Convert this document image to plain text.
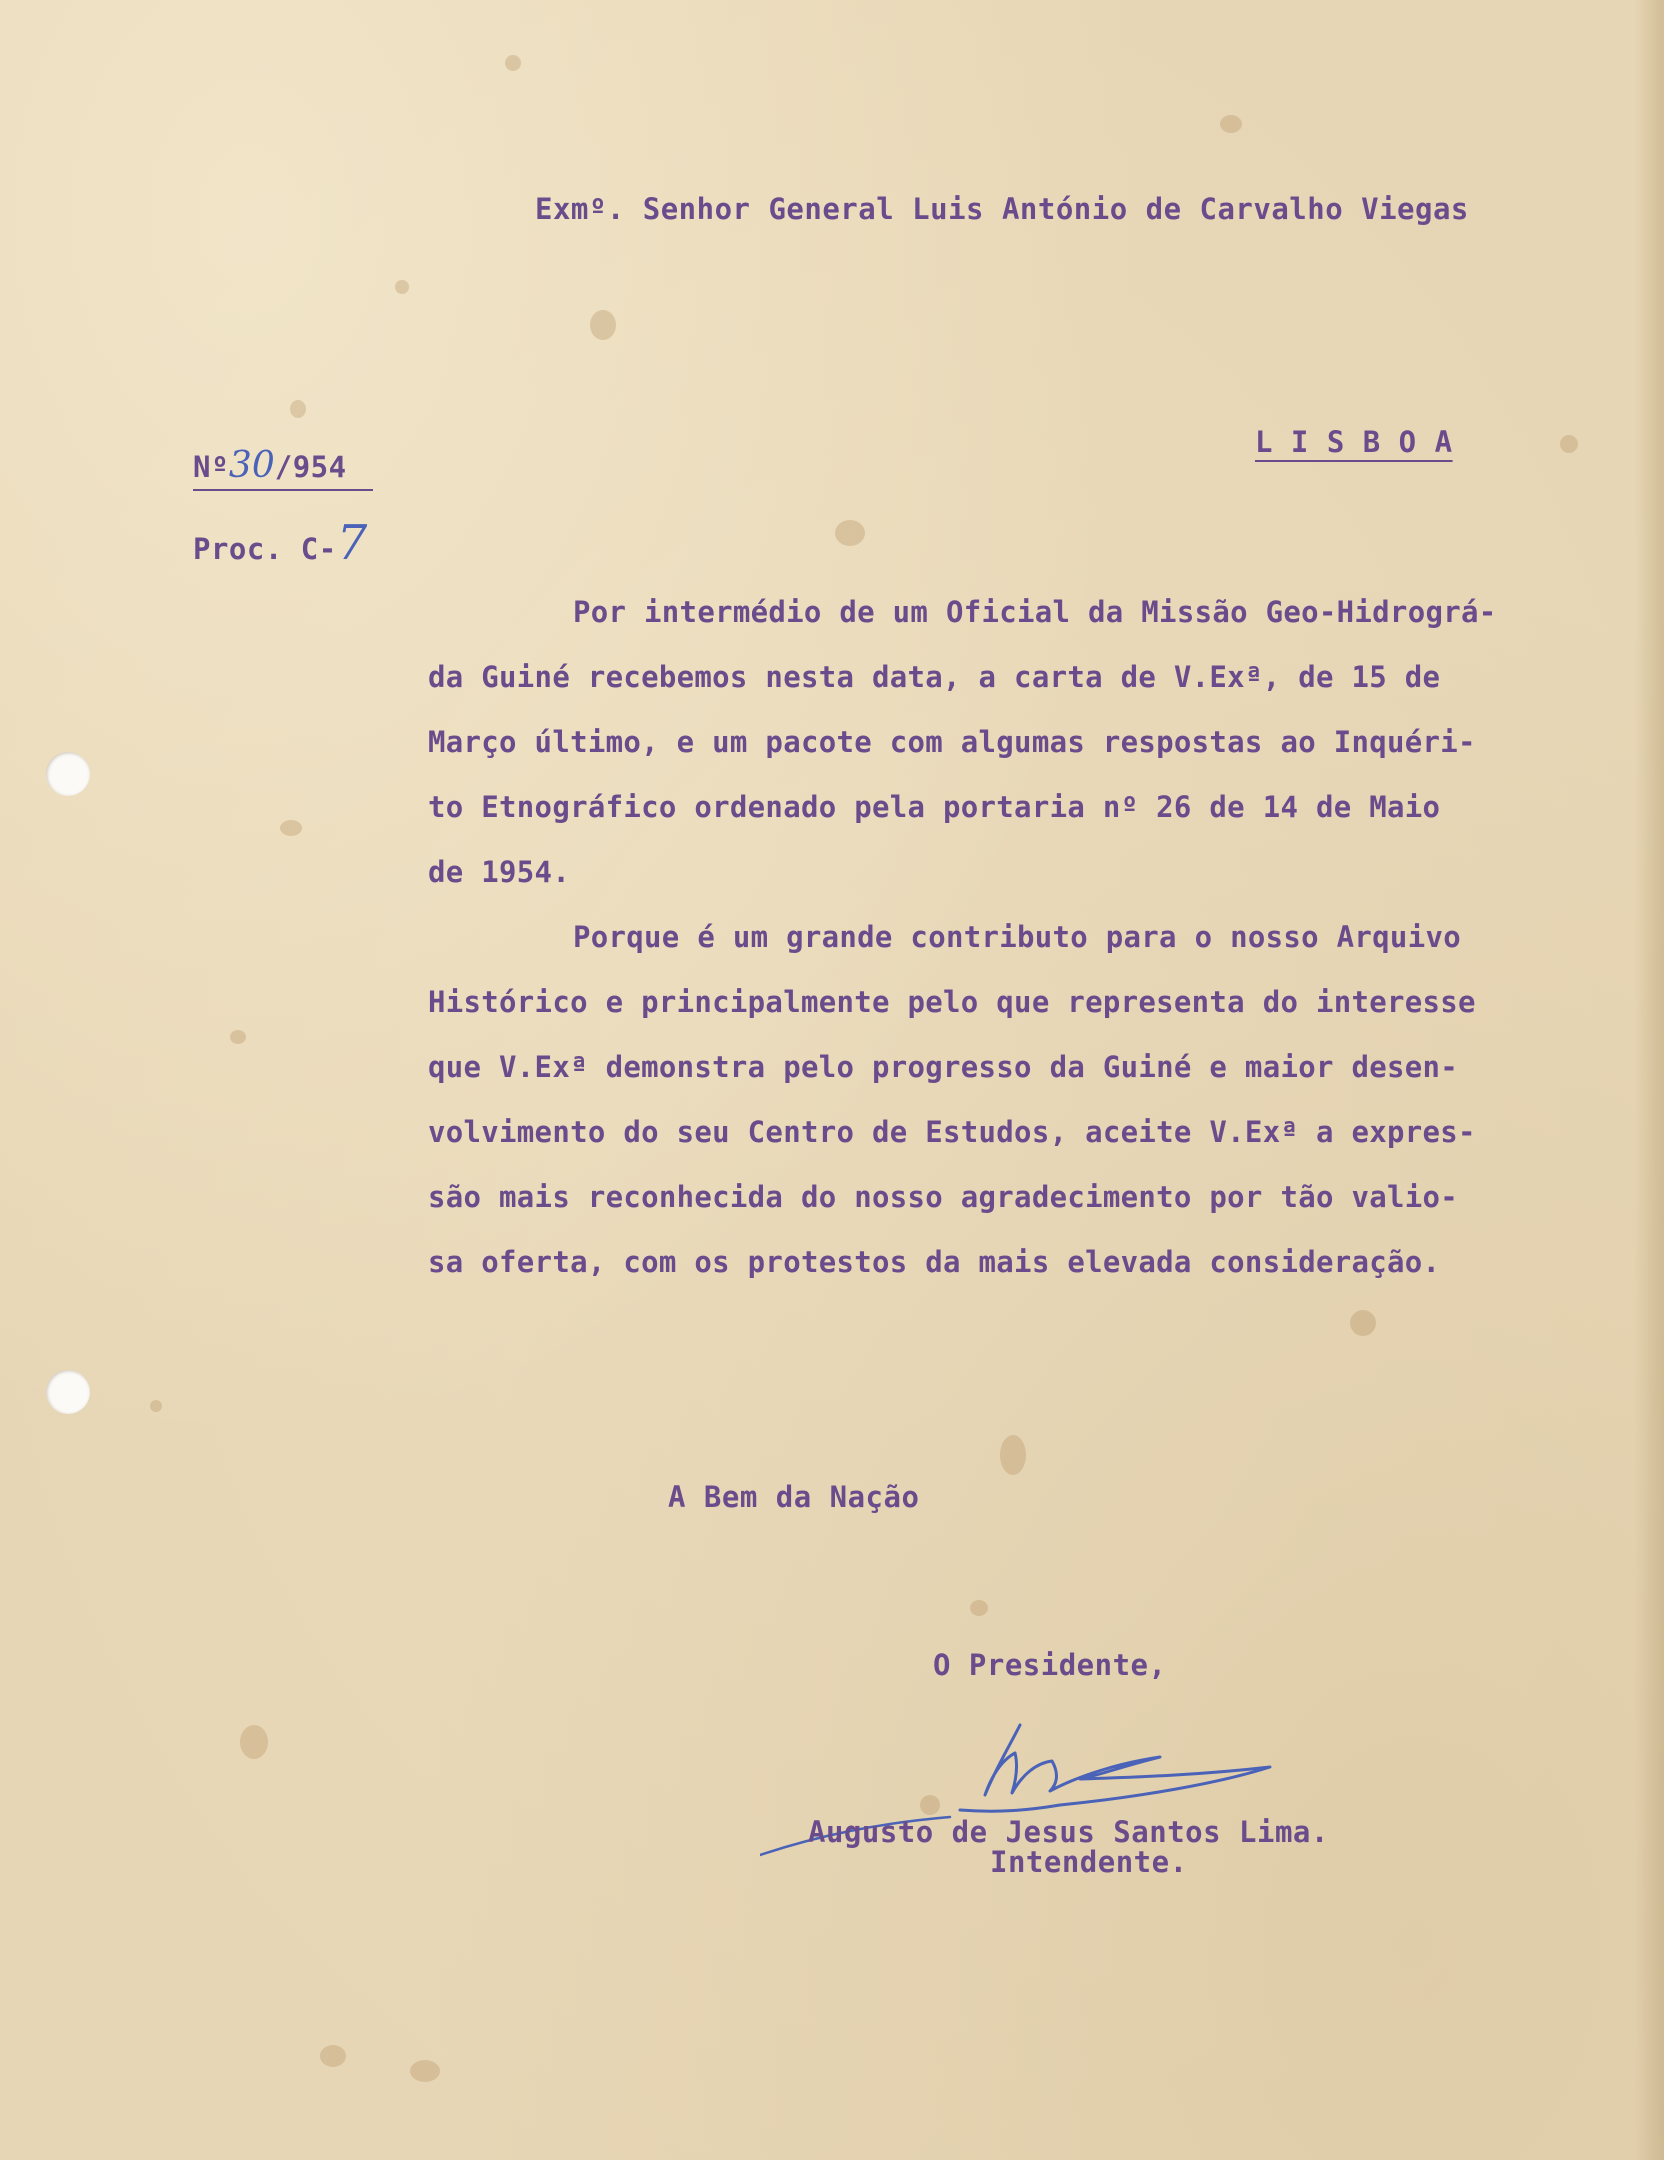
Exmº. Senhor General Luis António de Carvalho Viegas
L I S B O A
Nº30/954
Proc. C-7
Por intermédio de um Oficial da Missão Geo-Hidrográ-
da Guiné recebemos nesta data, a carta de V.Exª, de 15 de
Março último, e um pacote com algumas respostas ao Inquéri-
to Etnográfico ordenado pela portaria nº 26 de 14 de Maio
de 1954.
Porque é um grande contributo para o nosso Arquivo
Histórico e principalmente pelo que representa do interesse
que V.Exª demonstra pelo progresso da Guiné e maior desen-
volvimento do seu Centro de Estudos, aceite V.Exª a expres-
são mais reconhecida do nosso agradecimento por tão valio-
sa oferta, com os protestos da mais elevada consideração.
A Bem da Nação
O Presidente,
Augusto de Jesus Santos Lima.
Intendente.
